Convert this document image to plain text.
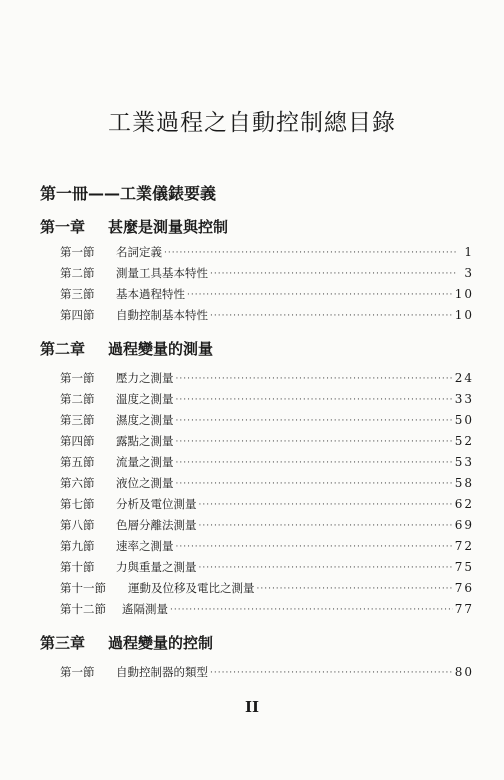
工業過程之自動控制總目錄
第一冊——工業儀錶要義
第一章 甚麼是測量與控制
第一節	名詞定義 ·····	1
第二節	測量工具基本特性 ·····	3
第三節	基本過程特性 ·····	10
第四節	自動控制基本特性 ·····	10
第二章 過程變量的測量
第一節	壓力之測量 ·····	24
第二節	溫度之測量 ·····	33
第三節	濕度之測量 ·····	50
第四節	露點之測量 ·····	52
第五節	流量之測量 ·····	53
第六節	液位之測量 ·····	58
第七節	分析及電位測量 ·····	62
第八節	色層分離法測量 ·····	69
第九節	速率之測量 ·····	72
第十節	力與重量之測量 ·····	75
第十一節	運動及位移及電比之測量 ·····	76
第十二節	遙隔測量 ·····	77
第三章 過程變量的控制
第一節	自動控制器的類型 ·····	80
II
